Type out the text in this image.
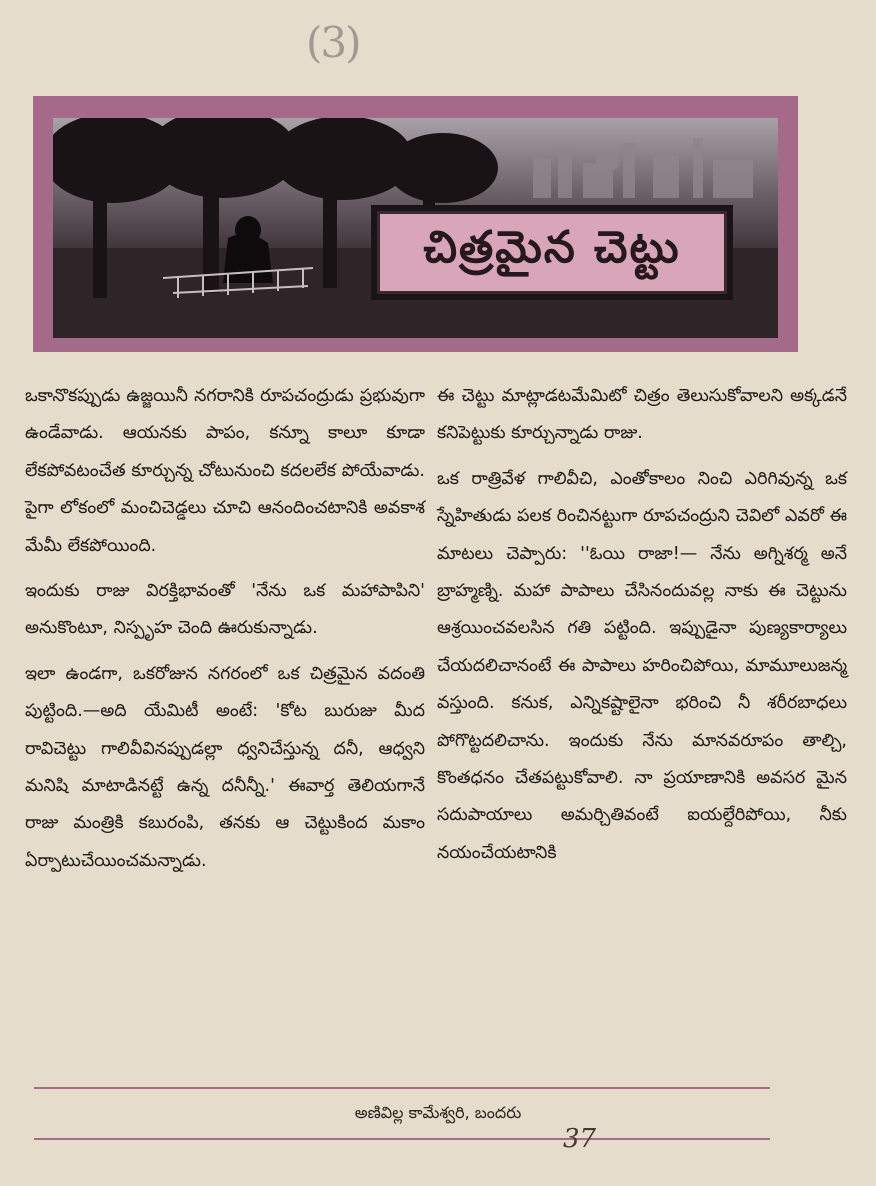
(3)
చిత్రమైన చెట్టు

ఒకానొకప్పుడు ఉజ్జయినీ నగరానికి రూపచంద్రుడు ప్రభువుగా ఉండేవాడు. ఆయనకు పాపం, కన్నూ కాలూ కూడా లేకపోవటంచేత కూర్చున్న చోటునుంచి కదలలేక పోయేవాడు. పైగా లోకంలో మంచిచెడ్డలు చూచి ఆనందించటానికి అవకాశ మేమీ లేకపోయింది.

ఇందుకు రాజు విరక్తిభావంతో 'నేను ఒక మహాపాపిని' అనుకొంటూ, నిస్పృహ చెంది ఊరుకున్నాడు.

ఇలా ఉండగా, ఒకరోజున నగరంలో ఒక చిత్రమైన వదంతి పుట్టింది.—అది యేమిటీ అంటే: 'కోట బురుజు మీద రావిచెట్టు గాలివీవినప్పుడల్లా ధ్వనిచేస్తున్న దనీ, ఆధ్వని మనిషి మాటాడినట్టే ఉన్న దనీన్నీ.' ఈవార్త తెలియగానే రాజు మంత్రికి కబురంపి, తనకు ఆ చెట్టుకింద మకాం ఏర్పాటుచేయించమన్నాడు.

ఈ చెట్టు మాట్లాడటమేమిటో చిత్రం తెలుసుకోవాలని అక్కడనే కనిపెట్టుకు కూర్చున్నాడు రాజు.

ఒక రాత్రివేళ గాలివీచి, ఎంతోకాలం నించి ఎరిగివున్న ఒక స్నేహితుడు పలక రించినట్టుగా రూపచంద్రుని చెవిలో ఎవరో ఈ మాటలు చెప్పారు: ''ఓయి రాజా!— నేను అగ్నిశర్మ అనే బ్రాహ్మణ్ని. మహా పాపాలు చేసినందువల్ల నాకు ఈ చెట్టును ఆశ్రయించవలసిన గతి పట్టింది. ఇప్పుడైనా పుణ్యకార్యాలు చేయదలిచానంటే ఈ పాపాలు హరించిపోయి, మామూలుజన్మ వస్తుంది. కనుక, ఎన్నికష్టాలైనా భరించి నీ శరీరబాధలు పోగొట్టదలిచాను. ఇందుకు నేను మానవరూపం తాల్చి, కొంతధనం చేతపట్టుకోవాలి. నా ప్రయాణానికి అవసర మైన సదుపాయాలు అమర్చితివంటే ఐయల్దేరిపోయి, నీకు నయంచేయటానికి

అణివిల్ల కామేశ్వరి, బందరు
37
